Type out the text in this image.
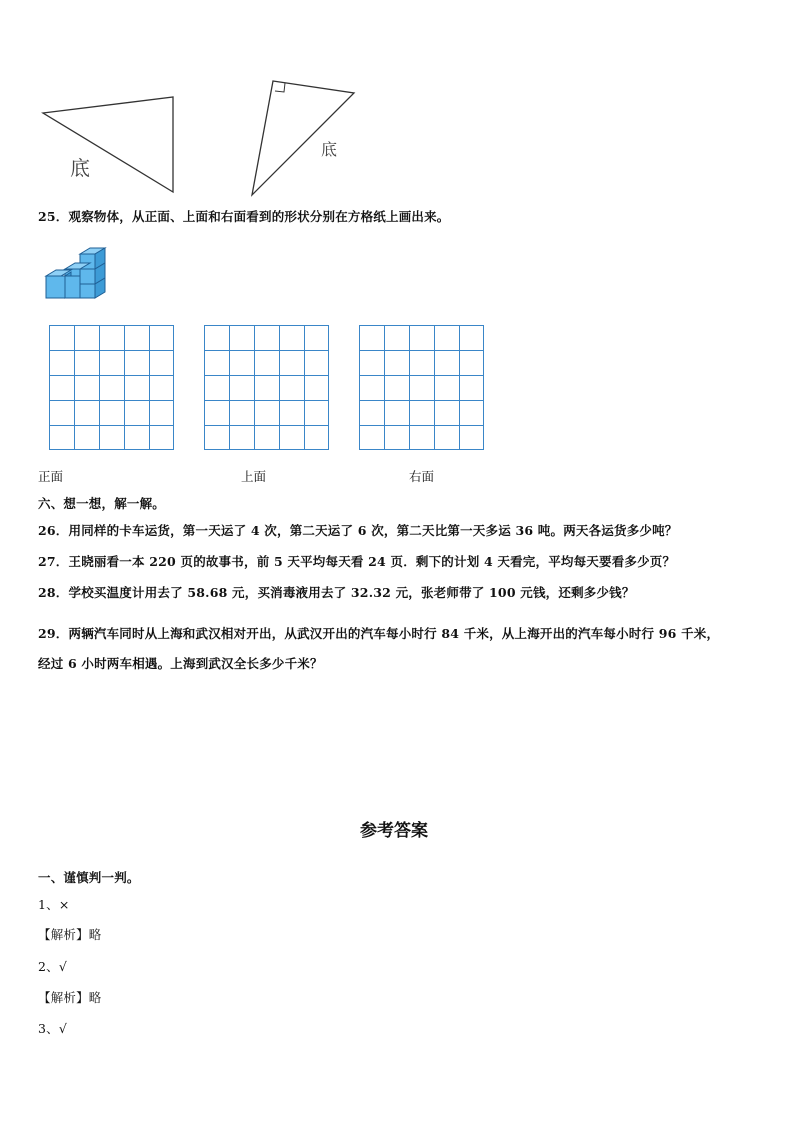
底
底
25．观察物体，从正面、上面和右面看到的形状分别在方格纸上画出来。
正面	上面	右面
六、想一想，解一解。
26．用同样的卡车运货，第一天运了 4 次，第二天运了 6 次，第二天比第一天多运 36 吨。两天各运货多少吨？
27．王晓丽看一本 220 页的故事书，前 5 天平均每天看 24 页．剩下的计划 4 天看完，平均每天要看多少页？
28．学校买温度计用去了 58.68 元，买消毒液用去了 32.32 元，张老师带了 100 元钱，还剩多少钱？
29．两辆汽车同时从上海和武汉相对开出，从武汉开出的汽车每小时行 84 千米，从上海开出的汽车每小时行 96 千米，
经过 6 小时两车相遇。上海到武汉全长多少千米？
参考答案
一、谨慎判一判。
1、×
【解析】略
2、√
【解析】略
3、√
